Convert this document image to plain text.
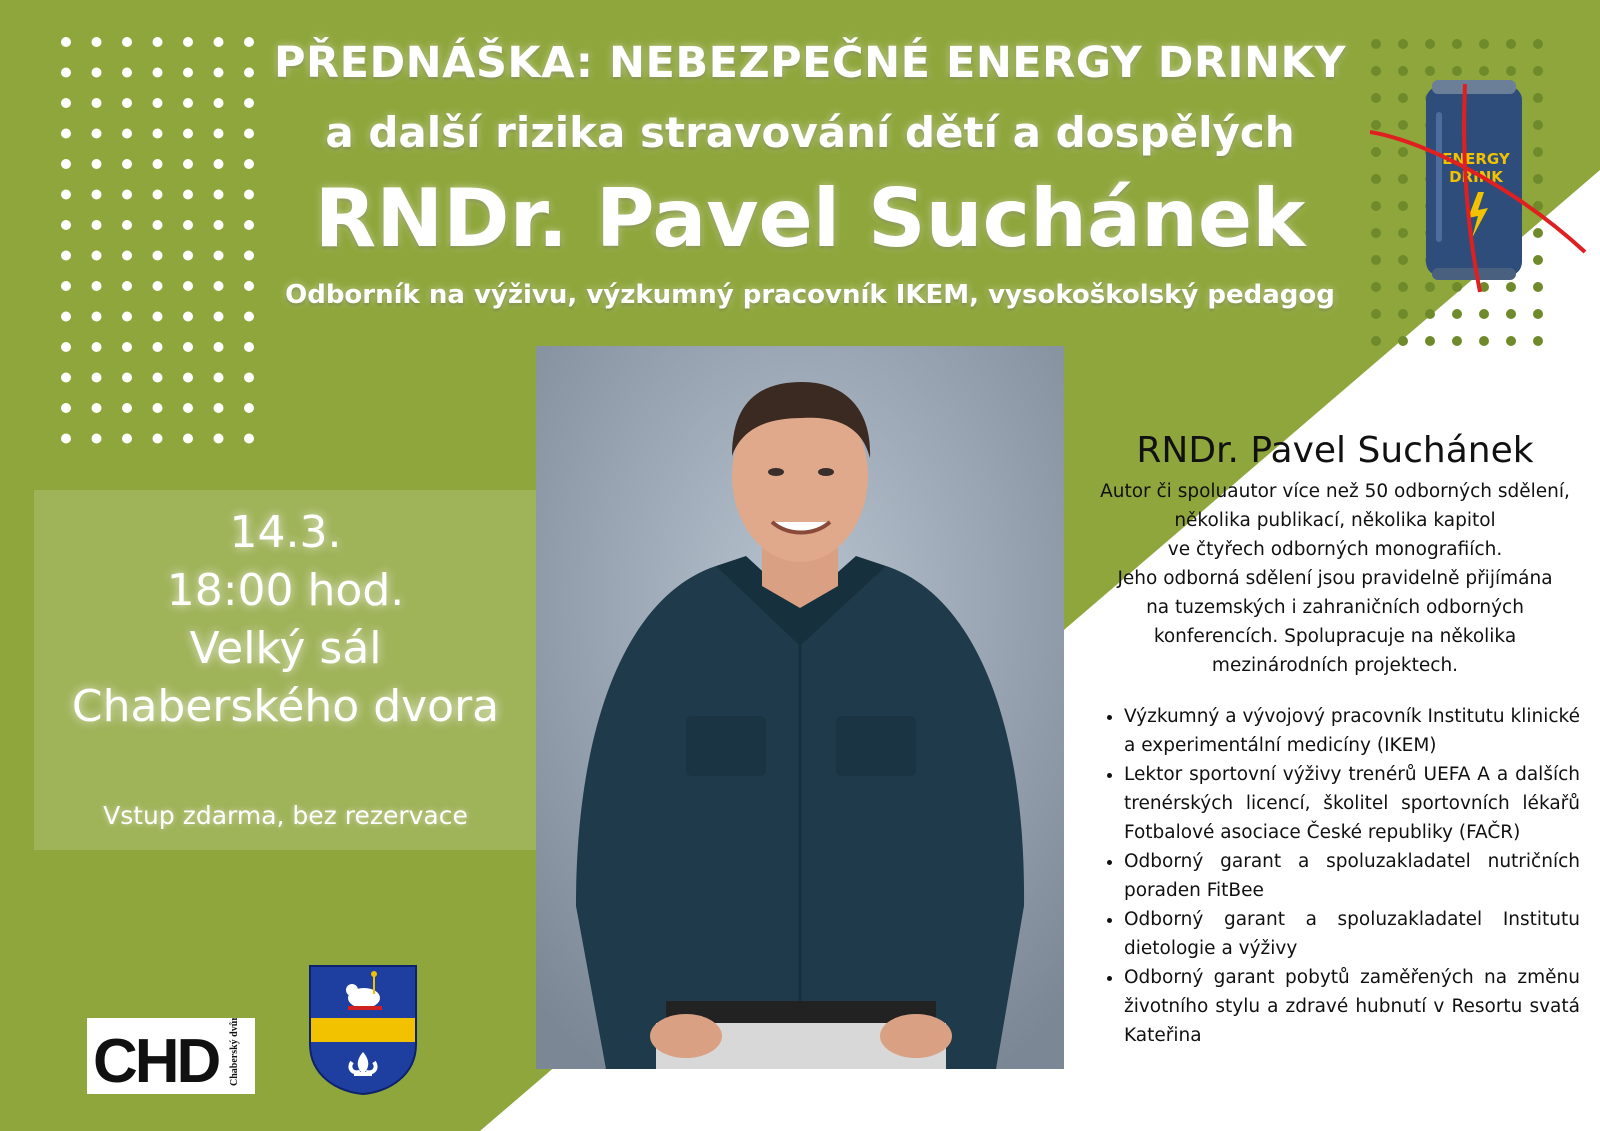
PŘEDNÁŠKA: NEBEZPEČNÉ ENERGY DRINKY
a další rizika stravování dětí a dospělých
RNDr. Pavel Suchánek
Odborník na výživu, výzkumný pracovník IKEM, vysokoškolský pedagog
ENERGY
DRINK
14.3.
18:00 hod.
Velký sál
Chaberského dvora
Vstup zdarma, bez rezervace
RNDr. Pavel Suchánek

Autor či spoluautor více než 50 odborných sdělení,
několika publikací, několika kapitol
ve čtyřech odborných monografiích.
Jeho odborná sdělení jsou pravidelně přijímána
na tuzemských i zahraničních odborných
konferencích. Spolupracuje na několika
mezinárodních projektech.

• Výzkumný a vývojový pracovník Institutu klinické a experimentální medicíny (IKEM)
• Lektor sportovní výživy trenérů UEFA A a dalších trenérských licencí, školitel sportovních lékařů Fotbalové asociace České republiky (FAČR)
• Odborný garant a spoluzakladatel nutričních poraden FitBee
• Odborný garant a spoluzakladatel Institutu dietologie a výživy
• Odborný garant pobytů zaměřených na změnu životního stylu a zdravé hubnutí v Resortu svatá Kateřina
CHD Chaberský dvůr
